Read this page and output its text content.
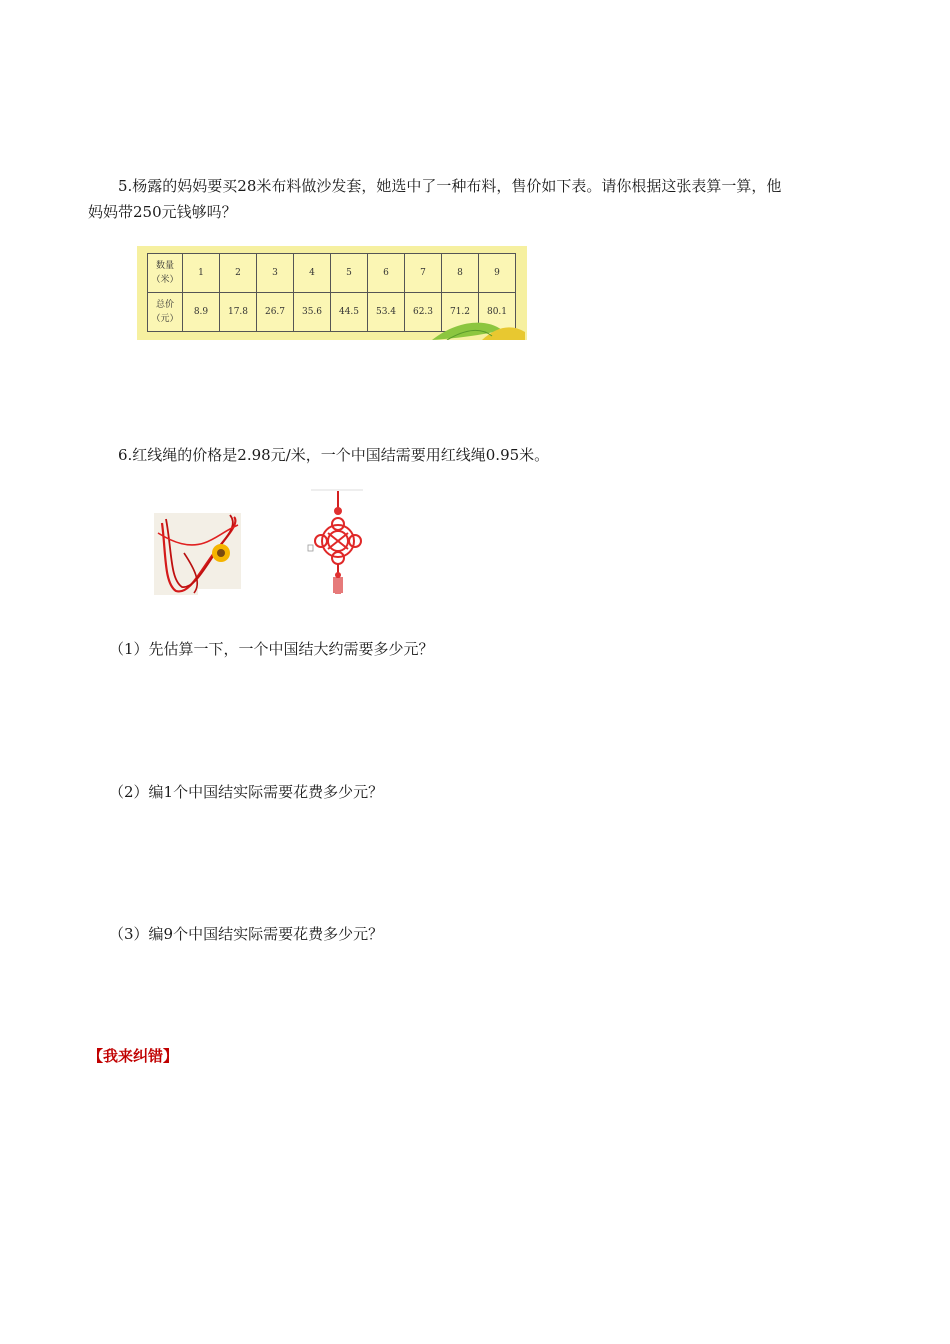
5.杨露的妈妈要买28米布料做沙发套，她选中了一种布料，售价如下表。请你根据这张表算一算，他
妈妈带250元钱够吗？
数量
（米）	1	2	3	4	5	6	7	8	9
总价
（元）	8.9	17.8	26.7	35.6	44.5	53.4	62.3	71.2	80.1
6.红线绳的价格是2.98元/米，一个中国结需要用红线绳0.95米。
（1）先估算一下，一个中国结大约需要多少元？
（2）编1个中国结实际需要花费多少元？
（3）编9个中国结实际需要花费多少元？
【我来纠错】
